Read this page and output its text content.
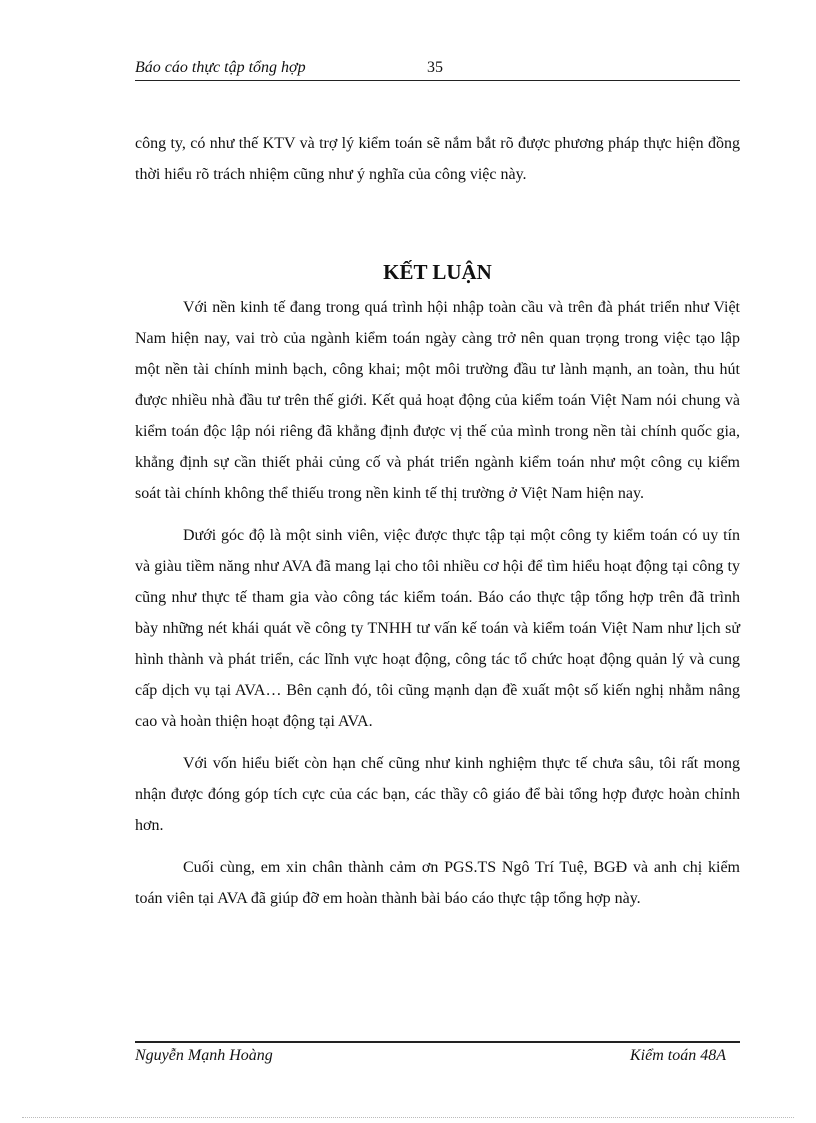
Báo cáo thực tập tổng hợp	35

công ty, có như thế KTV và trợ lý kiểm toán sẽ nắm bắt rõ được phương pháp thực hiện đồng thời hiểu rõ trách nhiệm cũng như ý nghĩa của công việc này.

KẾT LUẬN

Với nền kinh tế đang trong quá trình hội nhập toàn cầu và trên đà phát triển như Việt Nam hiện nay, vai trò của ngành kiểm toán ngày càng trở nên quan trọng trong việc tạo lập một nền tài chính minh bạch, công khai; một môi trường đầu tư lành mạnh, an toàn, thu hút được nhiều nhà đầu tư trên thế giới. Kết quả hoạt động của kiểm toán Việt Nam nói chung và kiểm toán độc lập nói riêng đã khẳng định được vị thế của mình trong nền tài chính quốc gia, khẳng định sự cần thiết phải củng cố và phát triển ngành kiểm toán như một công cụ kiểm soát tài chính không thể thiếu trong nền kinh tế thị trường ở Việt Nam hiện nay.

Dưới góc độ là một sinh viên, việc được thực tập tại một công ty kiểm toán có uy tín và giàu tiềm năng như AVA đã mang lại cho tôi nhiều cơ hội để tìm hiểu hoạt động tại công ty cũng như thực tế tham gia vào công tác kiểm toán. Báo cáo thực tập tổng hợp trên đã trình bày những nét khái quát về công ty TNHH tư vấn kế toán và kiểm toán Việt Nam như lịch sử hình thành và phát triển, các lĩnh vực hoạt động, công tác tổ chức hoạt động quản lý và cung cấp dịch vụ tại AVA… Bên cạnh đó, tôi cũng mạnh dạn đề xuất một số kiến nghị nhằm nâng cao và hoàn thiện hoạt động tại AVA.

Với vốn hiểu biết còn hạn chế cũng như kinh nghiệm thực tế chưa sâu, tôi rất mong nhận được đóng góp tích cực của các bạn, các thầy cô giáo để bài tổng hợp được hoàn chỉnh hơn.

Cuối cùng, em xin chân thành cảm ơn PGS.TS Ngô Trí Tuệ, BGĐ và anh chị kiểm toán viên tại AVA đã giúp đỡ em hoàn thành bài báo cáo thực tập tổng hợp này.

Nguyễn Mạnh Hoàng	Kiểm toán 48A
